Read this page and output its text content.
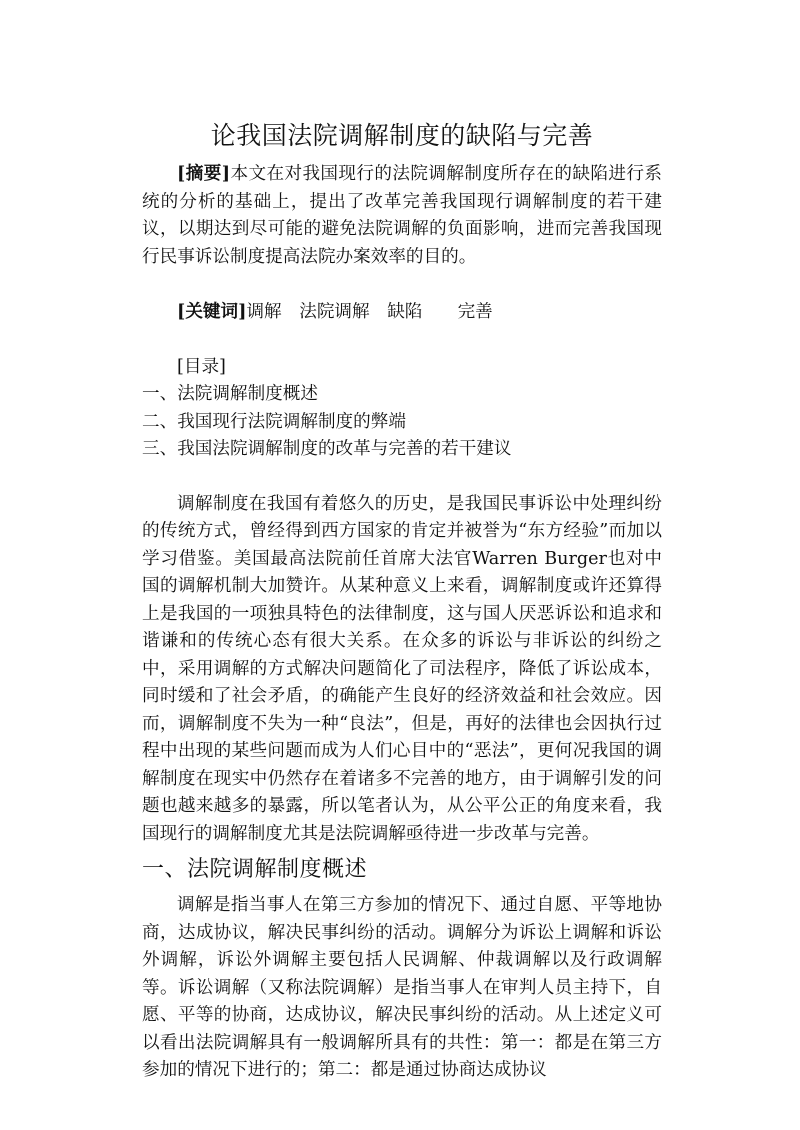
论我国法院调解制度的缺陷与完善

[摘要]本文在对我国现行的法院调解制度所存在的缺陷进行系统的分析的基础上，提出了改革完善我国现行调解制度的若干建议，以期达到尽可能的避免法院调解的负面影响，进而完善我国现行民事诉讼制度提高法院办案效率的目的。

[关键词]调解　法院调解　缺陷　　完善

[目录]

一、法院调解制度概述
二、我国现行法院调解制度的弊端
三、我国法院调解制度的改革与完善的若干建议

调解制度在我国有着悠久的历史，是我国民事诉讼中处理纠纷的传统方式，曾经得到西方国家的肯定并被誉为“东方经验”而加以学习借鉴。美国最高法院前任首席大法官Warren Burger也对中国的调解机制大加赞许。从某种意义上来看，调解制度或许还算得上是我国的一项独具特色的法律制度，这与国人厌恶诉讼和追求和谐谦和的传统心态有很大关系。在众多的诉讼与非诉讼的纠纷之中，采用调解的方式解决问题简化了司法程序，降低了诉讼成本，同时缓和了社会矛盾，的确能产生良好的经济效益和社会效应。因而，调解制度不失为一种“良法”，但是，再好的法律也会因执行过程中出现的某些问题而成为人们心目中的“恶法”，更何况我国的调解制度在现实中仍然存在着诸多不完善的地方，由于调解引发的问题也越来越多的暴露，所以笔者认为，从公平公正的角度来看，我国现行的调解制度尤其是法院调解亟待进一步改革与完善。

一、法院调解制度概述

调解是指当事人在第三方参加的情况下、通过自愿、平等地协商，达成协议，解决民事纠纷的活动。调解分为诉讼上调解和诉讼外调解，诉讼外调解主要包括人民调解、仲裁调解以及行政调解等。诉讼调解（又称法院调解）是指当事人在审判人员主持下，自愿、平等的协商，达成协议，解决民事纠纷的活动。从上述定义可以看出法院调解具有一般调解所具有的共性：第一：都是在第三方参加的情况下进行的；第二：都是通过协商达成协议
